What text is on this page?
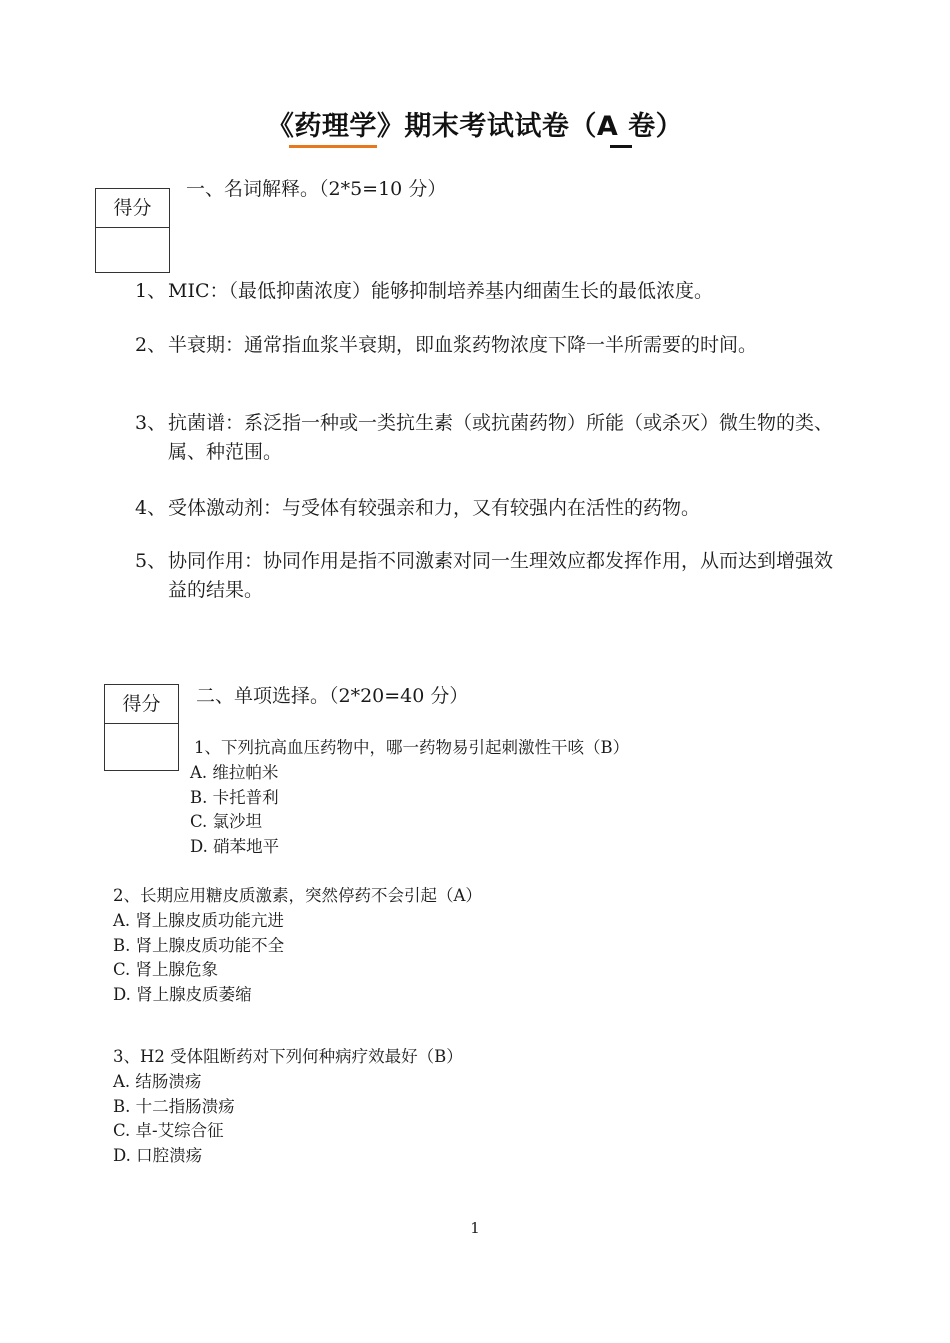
《药理学》期末考试试卷（A 卷）
得分
一、名词解释。（2*5=10 分）
1、 MIC：（最低抑菌浓度）能够抑制培养基内细菌生长的最低浓度。
2、 半衰期：通常指血浆半衰期，即血浆药物浓度下降一半所需要的时间。
3、 抗菌谱：系泛指一种或一类抗生素（或抗菌药物）所能（或杀灭）微生物的类、属、种范围。
4、 受体激动剂：与受体有较强亲和力，又有较强内在活性的药物。
5、 协同作用：协同作用是指不同激素对同一生理效应都发挥作用，从而达到增强效益的结果。
得分	二、单项选择。（2*20=40 分）
1、下列抗高血压药物中，哪一药物易引起刺激性干咳（B）
A. 维拉帕米
B. 卡托普利
C. 氯沙坦
D. 硝苯地平
2、长期应用糖皮质激素，突然停药不会引起（A）
A. 肾上腺皮质功能亢进
B. 肾上腺皮质功能不全
C. 肾上腺危象
D. 肾上腺皮质萎缩
3、H2 受体阻断药对下列何种病疗效最好（B）
A. 结肠溃疡
B. 十二指肠溃疡
C. 卓-艾综合征
D. 口腔溃疡
1
